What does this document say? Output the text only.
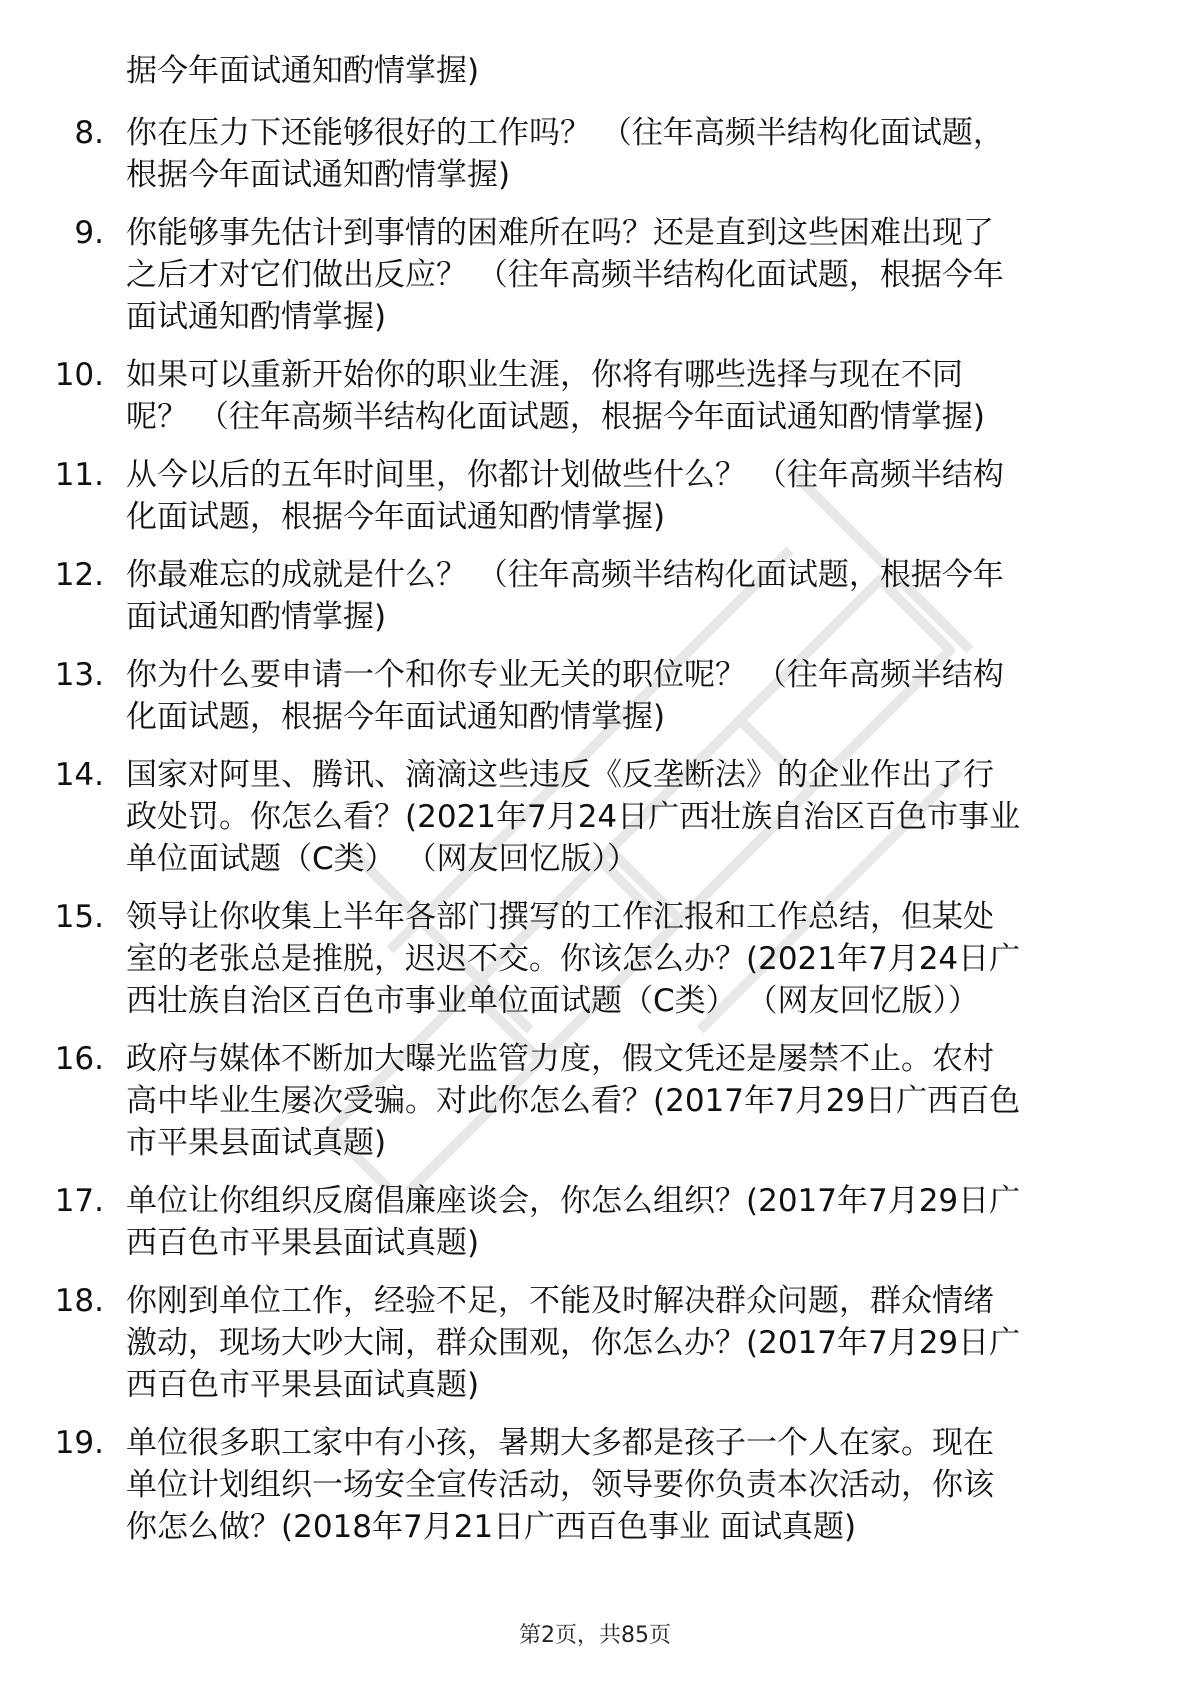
据今年面试通知酌情掌握)
8. 你在压力下还能够很好的工作吗？ （往年高频半结构化面试题，
根据今年面试通知酌情掌握)
9. 你能够事先估计到事情的困难所在吗？还是直到这些困难出现了
之后才对它们做出反应？ （往年高频半结构化面试题，根据今年
面试通知酌情掌握)
10. 如果可以重新开始你的职业生涯，你将有哪些选择与现在不同
呢？ （往年高频半结构化面试题，根据今年面试通知酌情掌握)
11. 从今以后的五年时间里，你都计划做些什么？ （往年高频半结构
化面试题，根据今年面试通知酌情掌握)
12. 你最难忘的成就是什么？ （往年高频半结构化面试题，根据今年
面试通知酌情掌握)
13. 你为什么要申请一个和你专业无关的职位呢？ （往年高频半结构
化面试题，根据今年面试通知酌情掌握)
14. 国家对阿里、腾讯、滴滴这些违反《反垄断法》的企业作出了行
政处罚。你怎么看？(2021年7月24日广西壮族自治区百色市事业
单位面试题（C类） （网友回忆版））
15. 领导让你收集上半年各部门撰写的工作汇报和工作总结，但某处
室的老张总是推脱，迟迟不交。你该怎么办？(2021年7月24日广
西壮族自治区百色市事业单位面试题（C类） （网友回忆版））
16. 政府与媒体不断加大曝光监管力度，假文凭还是屡禁不止。农村
高中毕业生屡次受骗。对此你怎么看？(2017年7月29日广西百色
市平果县面试真题)
17. 单位让你组织反腐倡廉座谈会，你怎么组织？(2017年7月29日广
西百色市平果县面试真题)
18. 你刚到单位工作，经验不足，不能及时解决群众问题，群众情绪
激动，现场大吵大闹，群众围观，你怎么办？(2017年7月29日广
西百色市平果县面试真题)
19. 单位很多职工家中有小孩，暑期大多都是孩子一个人在家。现在
单位计划组织一场安全宣传活动，领导要你负责本次活动，你该
你怎么做？(2018年7月21日广西百色事业 面试真题)
第2页，共85页
